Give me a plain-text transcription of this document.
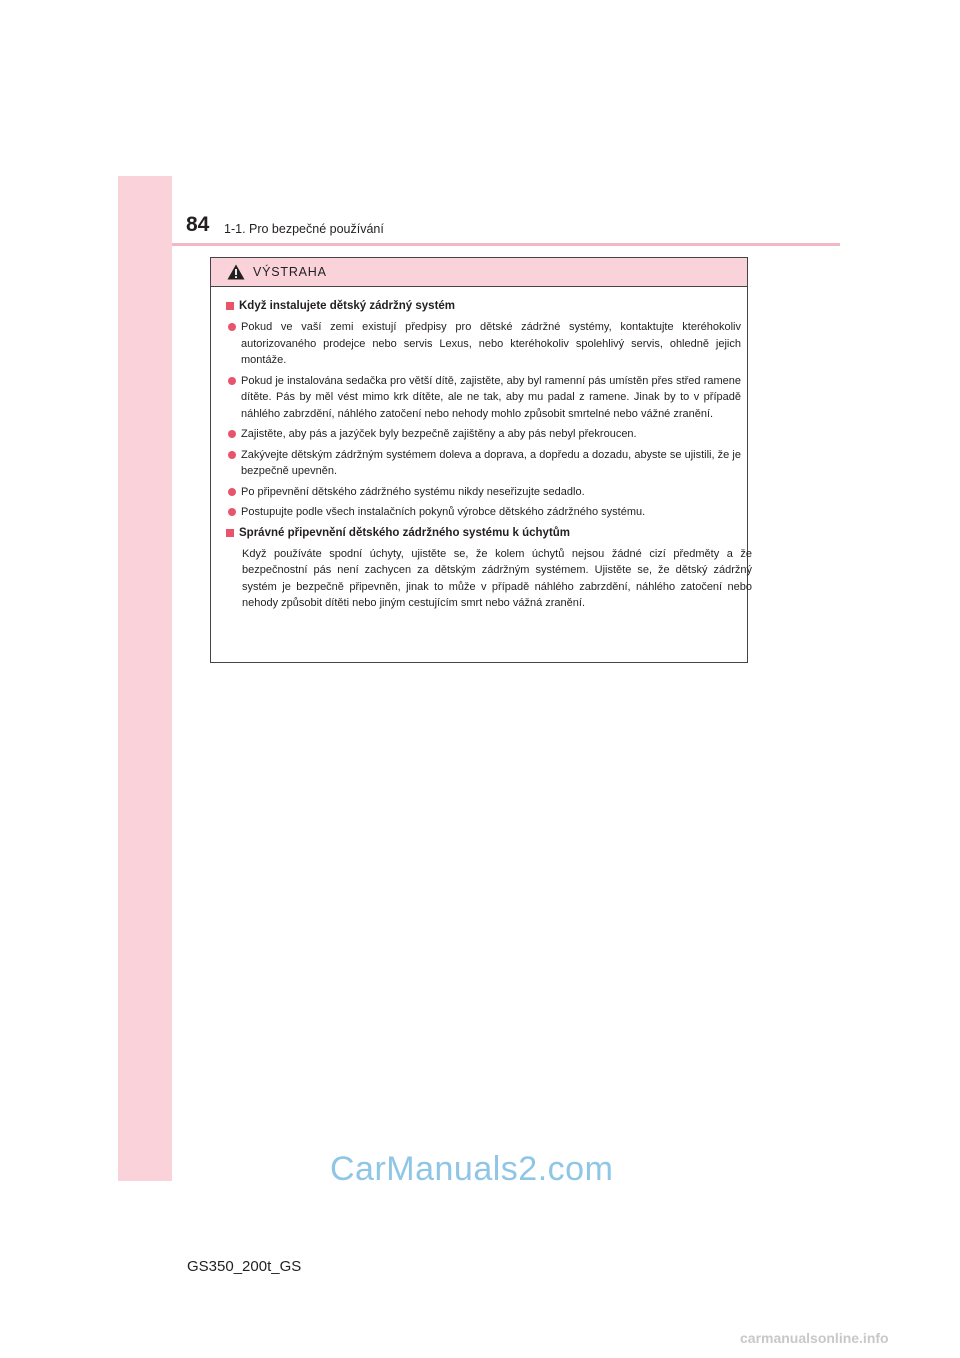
84 1-1. Pro bezpečné používání
VÝSTRAHA
Když instalujete dětský zádržný systém
Pokud ve vaší zemi existují předpisy pro dětské zádržné systémy, kontaktujte kteréhokoliv autorizovaného prodejce nebo servis Lexus, nebo kteréhokoliv spolehlivý servis, ohledně jejich montáže.
Pokud je instalována sedačka pro větší dítě, zajistěte, aby byl ramenní pás umístěn přes střed ramene dítěte. Pás by měl vést mimo krk dítěte, ale ne tak, aby mu padal z ramene. Jinak by to v případě náhlého zabrzdění, náhlého zatočení nebo nehody mohlo způsobit smrtelné nebo vážné zranění.
Zajistěte, aby pás a jazýček byly bezpečně zajištěny a aby pás nebyl překroucen.
Zakývejte dětským zádržným systémem doleva a doprava, a dopředu a dozadu, abyste se ujistili, že je bezpečně upevněn.
Po připevnění dětského zádržného systému nikdy neseřizujte sedadlo.
Postupujte podle všech instalačních pokynů výrobce dětského zádržného systému.
Správné připevnění dětského zádržného systému k úchytům
Když používáte spodní úchyty, ujistěte se, že kolem úchytů nejsou žádné cizí předměty a že bezpečnostní pás není zachycen za dětským zádržným systémem. Ujistěte se, že dětský zádržný systém je bezpečně připevněn, jinak to může v případě náhlého zabrzdění, náhlého zatočení nebo nehody způsobit dítěti nebo jiným cestujícím smrt nebo vážná zranění.
CarManuals2.com
GS350_200t_GS
carmanualsonline.info
